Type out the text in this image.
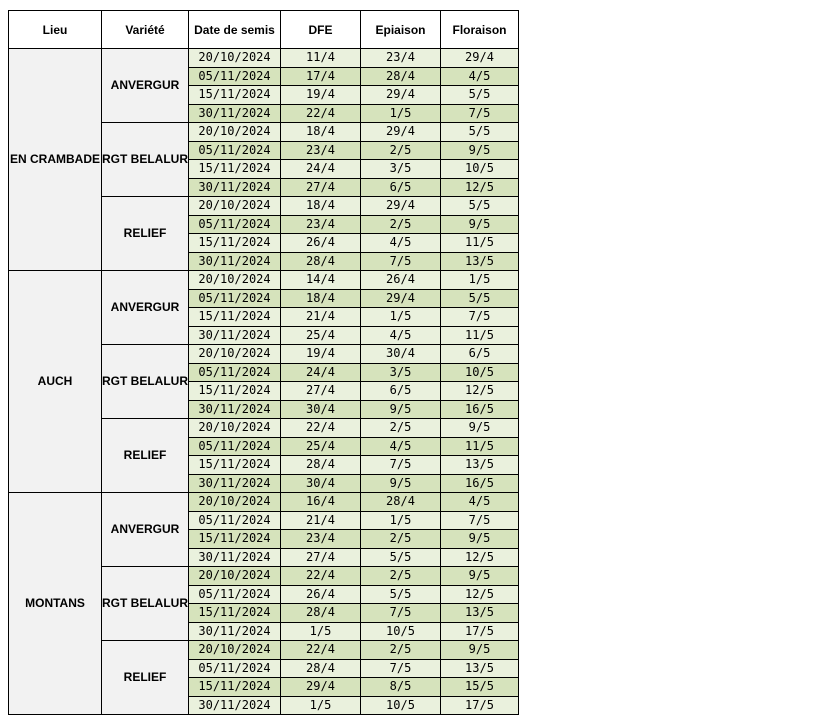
Lieu	Variété	Date de semis	DFE	Epiaison	Floraison
EN CRAMBADE	ANVERGUR	20/10/2024	11/4	23/4	29/4
		05/11/2024	17/4	28/4	4/5
		15/11/2024	19/4	29/4	5/5
		30/11/2024	22/4	1/5	7/5
	RGT BELALUR	20/10/2024	18/4	29/4	5/5
		05/11/2024	23/4	2/5	9/5
		15/11/2024	24/4	3/5	10/5
		30/11/2024	27/4	6/5	12/5
	RELIEF	20/10/2024	18/4	29/4	5/5
		05/11/2024	23/4	2/5	9/5
		15/11/2024	26/4	4/5	11/5
		30/11/2024	28/4	7/5	13/5
AUCH	ANVERGUR	20/10/2024	14/4	26/4	1/5
		05/11/2024	18/4	29/4	5/5
		15/11/2024	21/4	1/5	7/5
		30/11/2024	25/4	4/5	11/5
	RGT BELALUR	20/10/2024	19/4	30/4	6/5
		05/11/2024	24/4	3/5	10/5
		15/11/2024	27/4	6/5	12/5
		30/11/2024	30/4	9/5	16/5
	RELIEF	20/10/2024	22/4	2/5	9/5
		05/11/2024	25/4	4/5	11/5
		15/11/2024	28/4	7/5	13/5
		30/11/2024	30/4	9/5	16/5
MONTANS	ANVERGUR	20/10/2024	16/4	28/4	4/5
		05/11/2024	21/4	1/5	7/5
		15/11/2024	23/4	2/5	9/5
		30/11/2024	27/4	5/5	12/5
	RGT BELALUR	20/10/2024	22/4	2/5	9/5
		05/11/2024	26/4	5/5	12/5
		15/11/2024	28/4	7/5	13/5
		30/11/2024	1/5	10/5	17/5
	RELIEF	20/10/2024	22/4	2/5	9/5
		05/11/2024	28/4	7/5	13/5
		15/11/2024	29/4	8/5	15/5
		30/11/2024	1/5	10/5	17/5
